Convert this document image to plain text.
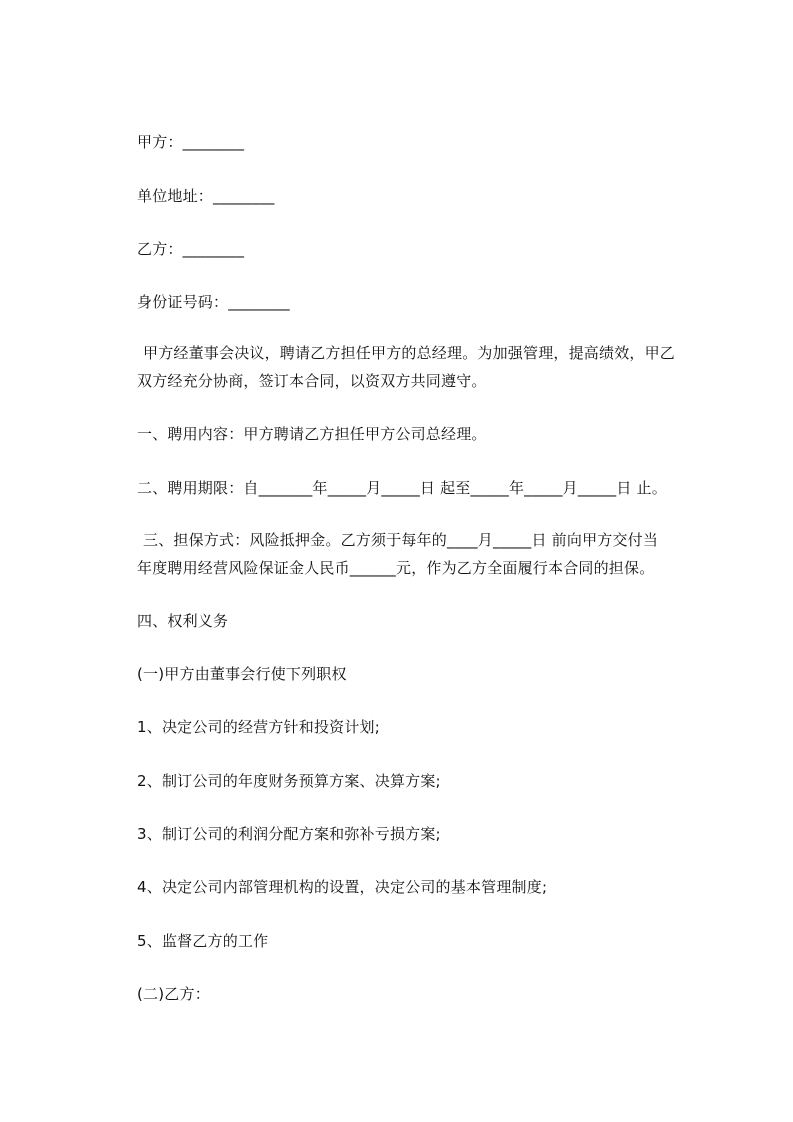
甲方：________
单位地址：________
乙方：________
身份证号码：________
甲方经董事会决议，聘请乙方担任甲方的总经理。为加强管理，提高绩效，甲乙
双方经充分协商，签订本合同，以资双方共同遵守。
一、聘用内容：甲方聘请乙方担任甲方公司总经理。
二、聘用期限：自_______年_____月_____日 起至_____年_____月_____日 止。
三、担保方式：风险抵押金。乙方须于每年的____月_____日 前向甲方交付当
年度聘用经营风险保证金人民币______元，作为乙方全面履行本合同的担保。
四、权利义务
(一)甲方由董事会行使下列职权
1、决定公司的经营方针和投资计划;
2、制订公司的年度财务预算方案、决算方案;
3、制订公司的利润分配方案和弥补亏损方案;
4、决定公司内部管理机构的设置，决定公司的基本管理制度;
5、监督乙方的工作
(二)乙方：
